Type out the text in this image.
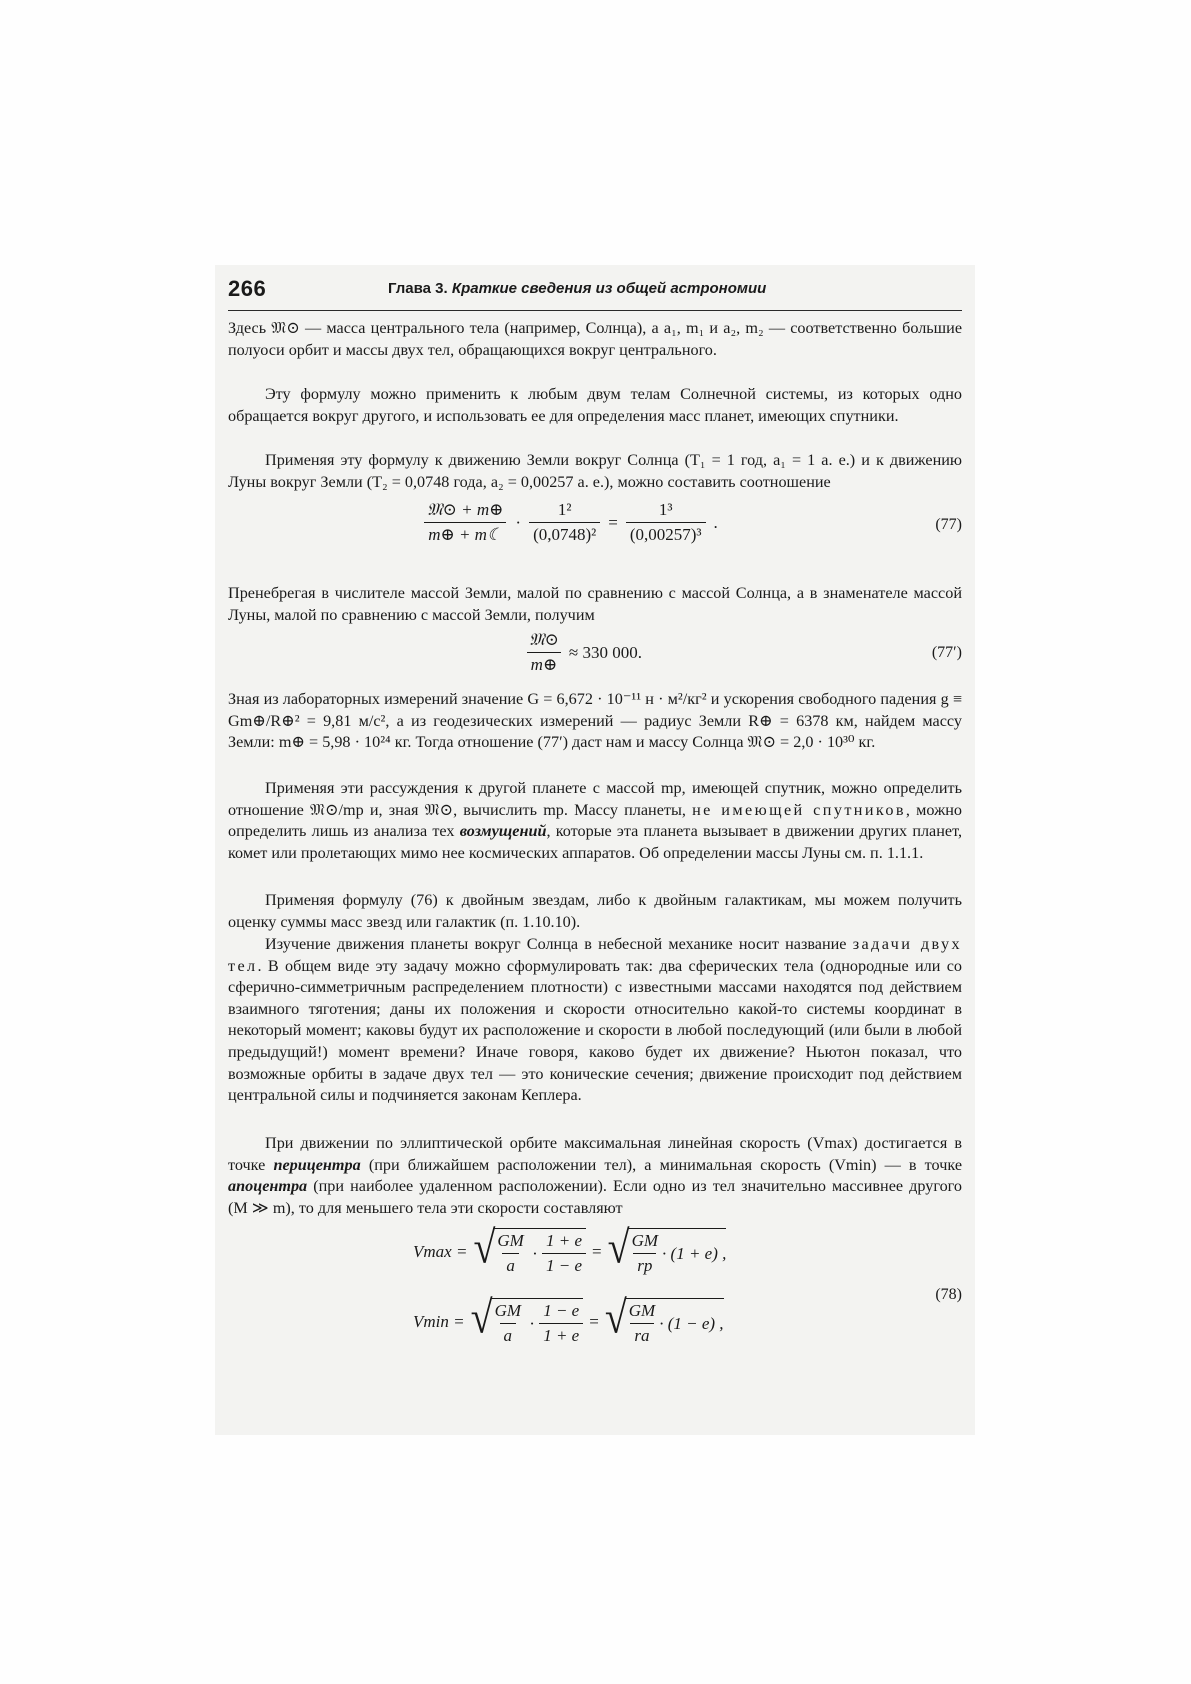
266	Глава 3. Краткие сведения из общей астрономии

Здесь 𝔐⊙ — масса центрального тела (например, Солнца), а a₁, m₁ и a₂, m₂ — соответственно большие полуоси орбит и массы двух тел, обращающихся вокруг центрального.

Эту формулу можно применить к любым двум телам Солнечной системы, из которых одно обращается вокруг другого, и использовать ее для определения масс планет, имеющих спутники.

Применяя эту формулу к движению Земли вокруг Солнца (T₁ = 1 год, a₁ = 1 а. е.) и к движению Луны вокруг Земли (T₂ = 0,0748 года, a₂ = 0,00257 а. е.), можно составить соотношение

$\frac{\text{𝔐⊙ + m⊕}}{m\oplus + m☾} \cdot \frac{\text{1²}}{\text{(0,0748)²}} = \frac{\text{1³}}{\text{(0,00257)³}}$ .	(77)

Пренебрегая в числителе массой Земли, малой по сравнению с массой Солнца, а в знаменателе массой Луны, малой по сравнению с массой Земли, получим

$\frac{\text{𝔐⊙}}{m\oplus} \approx 330$ 000.	(77′)

Зная из лабораторных измерений значение G = 6,672 · 10⁻¹¹ н · м²/кг² и ускорения свободного падения g ≡ Gm⊕/R⊕² = 9,81 м/с², а из геодезических измерений — радиус Земли R⊕ = 6378 км, найдем массу Земли: m⊕ = 5,98 · 10²⁴ кг. Тогда отношение (77′) даст нам и массу Солнца 𝔐⊙ = 2,0 · 10³⁰ кг.

Применяя эти рассуждения к другой планете с массой mp, имеющей спутник, можно определить отношение 𝔐⊙/mp и, зная 𝔐⊙, вычислить mp. Массу планеты, не имеющей спутников, можно определить лишь из анализа тех возмущений, которые эта планета вызывает в движении других планет, комет или пролетающих мимо нее космических аппаратов. Об определении массы Луны см. п. 1.1.1.

Применяя формулу (76) к двойным звездам, либо к двойным галактикам, мы можем получить оценку суммы масс звезд или галактик (п. 1.10.10).

Изучение движения планеты вокруг Солнца в небесной механике носит название задачи двух тел. В общем виде эту задачу можно сформулировать так: два сферических тела (однородные или со сферично-симметричным распределением плотности) с известными массами находятся под действием взаимного тяготения; даны их положения и скорости относительно какой-то системы координат в некоторый момент; каковы будут их расположение и скорости в любой последующий (или были в любой предыдущий!) момент времени? Иначе говоря, каково будет их движение? Ньютон показал, что возможные орбиты в задаче двух тел — это конические сечения; движение происходит под действием центральной силы и подчиняется законам Кеплера.

При движении по эллиптической орбите максимальная линейная скорость (Vmax) достигается в точке перицентра (при ближайшем расположении тел), а минимальная скорость (Vmin) — в точке апоцентра (при наиболее удаленном расположении). Если одно из тел значительно массивнее другого (M ≫ m), то для меньшего тела эти скорости составляют

Vmax = √
$\frac{GM}{a} \cdot \frac{1 + e}{1 - e}$ = √
$\frac{GM}{rp} \cdot (1 + e)$ ,
(78)
Vmin = √
$\frac{GM}{a} \cdot \frac{1 - e}{1 + e}$ = √
$\frac{GM}{ra} \cdot (1 - e)$ ,
